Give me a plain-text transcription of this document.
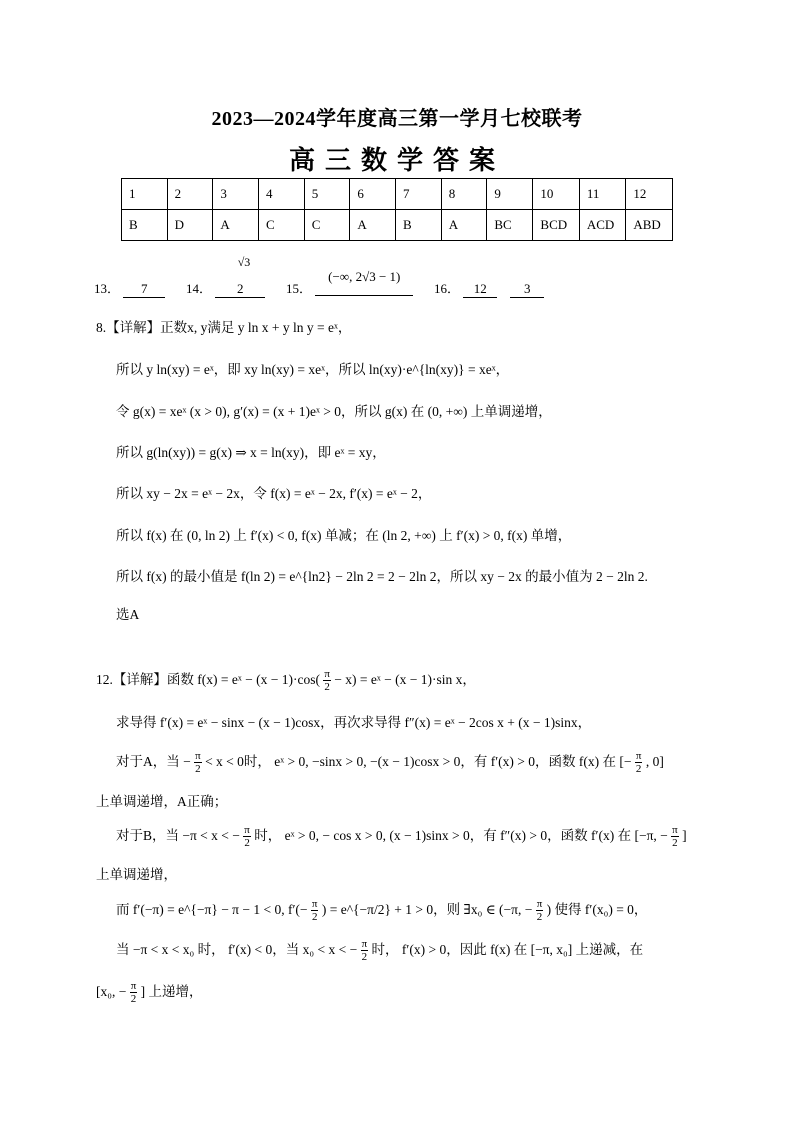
2023—2024学年度高三第一学月七校联考
高三数学答案
1	2	3	4	5	6	7	8	9	10	11	12
B	D	A	C	C	A	B	A	BC	BCD	ACD	ABD
√3
13． 7	14． 2	15． (−∞, 2√3 − 1)
16． 12	3
8.【详解】正数x, y满足 y ln x + y ln y = eˣ，
所以 y ln(xy) = eˣ，即 xy ln(xy) = xeˣ，所以 ln(xy)·e^{ln(xy)} = xeˣ，
令 g(x) = xeˣ (x > 0), g′(x) = (x + 1)eˣ > 0，所以 g(x) 在 (0, +∞) 上单调递增，
所以 g(ln(xy)) = g(x) ⇒ x = ln(xy)，即 eˣ = xy，
所以 xy − 2x = eˣ − 2x，令 f(x) = eˣ − 2x, f′(x) = eˣ − 2，
所以 f(x) 在 (0, ln 2) 上 f′(x) < 0, f(x) 单减；在 (ln 2, +∞) 上 f′(x) > 0, f(x) 单增，
所以 f(x) 的最小值是 f(ln 2) = e^{ln2} − 2ln 2 = 2 − 2ln 2，所以 xy − 2x 的最小值为 2 − 2ln 2.
选A
12.【详解】函数 f(x) = eˣ − $(x - 1)\cdot\cos( \frac{\pi}{2} - x)$ = eˣ − (x − 1)·sin x，
求导得 f′(x) = eˣ − sinx − (x − 1)cosx，再次求导得 f″(x) = eˣ − 2cos x + (x − 1)sinx，
对于A，当 − $\frac{\pi}{2} < x < 0$时， eˣ > 0, −sinx > 0, −(x − 1)cosx > 0，有 f′(x) > 0，函数 f(x) 在 [− $\frac{\pi}{2}$ , 0]
上单调递增，A正确；
对于B，当 −π < x < − $\frac{\pi}{2}$ 时， eˣ > 0, − cos x > 0, (x − 1)sinx > 0，有 f″(x) > 0，函数 f′(x) 在 [−π, − $\frac{\pi}{2}$ ]
上单调递增，
而 f′(−π) = e^{−π} − π − 1 < 0, $f'(- \frac{\pi}{2}$ ) = e^{−π/2} + 1 > 0，则 ∃x₀ ∈ (−π, − $\frac{\pi}{2}$ ) 使得 f′(x₀) = 0，
当 −π < x < x₀ 时， f′(x) < 0，当 x₀ < x < − $\frac{\pi}{2}$ 时， f′(x) > 0，因此 f(x) 在 [−π, x₀] 上递减，在
[x₀, − $\frac{\pi}{2}$ ] 上递增，
